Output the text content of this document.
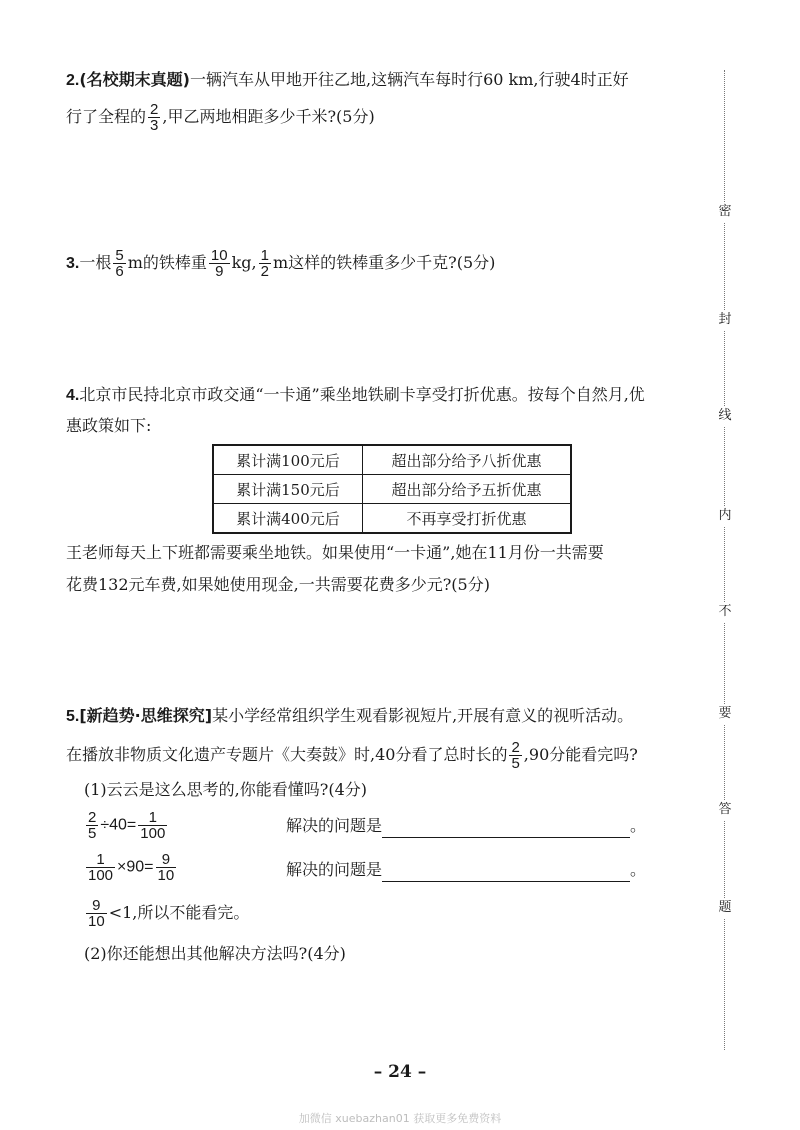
2.(名校期末真题)一辆汽车从甲地开往乙地,这辆汽车每时行60 km,行驶4时正好
行了全程的 $\frac{2}{3}$ ,甲乙两地相距多少千米?(5分)
3.一根 $\frac{5}{6}$ m的铁棒重 $\frac{10}{9}$ kg, $\frac{1}{2}$ m这样的铁棒重多少千克?(5分)
4.北京市民持北京市政交通“一卡通”乘坐地铁刷卡享受打折优惠。按每个自然月,优
惠政策如下:
累计满100元后	超出部分给予八折优惠
累计满150元后	超出部分给予五折优惠
累计满400元后	不再享受打折优惠
王老师每天上下班都需要乘坐地铁。如果使用“一卡通”,她在11月份一共需要
花费132元车费,如果她使用现金,一共需要花费多少元?(5分)
5.[新趋势·思维探究]某小学经常组织学生观看影视短片,开展有意义的视听活动。
在播放非物质文化遗产专题片《大奏鼓》时,40分看了总时长的 $\frac{2}{5} ,90$分能看完吗?
(1)云云是这么思考的,你能看懂吗?(4分)
$\frac{2}{5} \div 40= \frac{1}{100}$	解决的问题是	。
$\frac{1}{100} \times 90= \frac{9}{10}$	解决的问题是	。
$\frac{9}{10} <1$,所以不能看完。
(2)你还能想出其他解决方法吗?(4分)
密
封
线
内
不
要
答
题
– 24 –
加微信 xuebazhan01 获取更多免费资料
